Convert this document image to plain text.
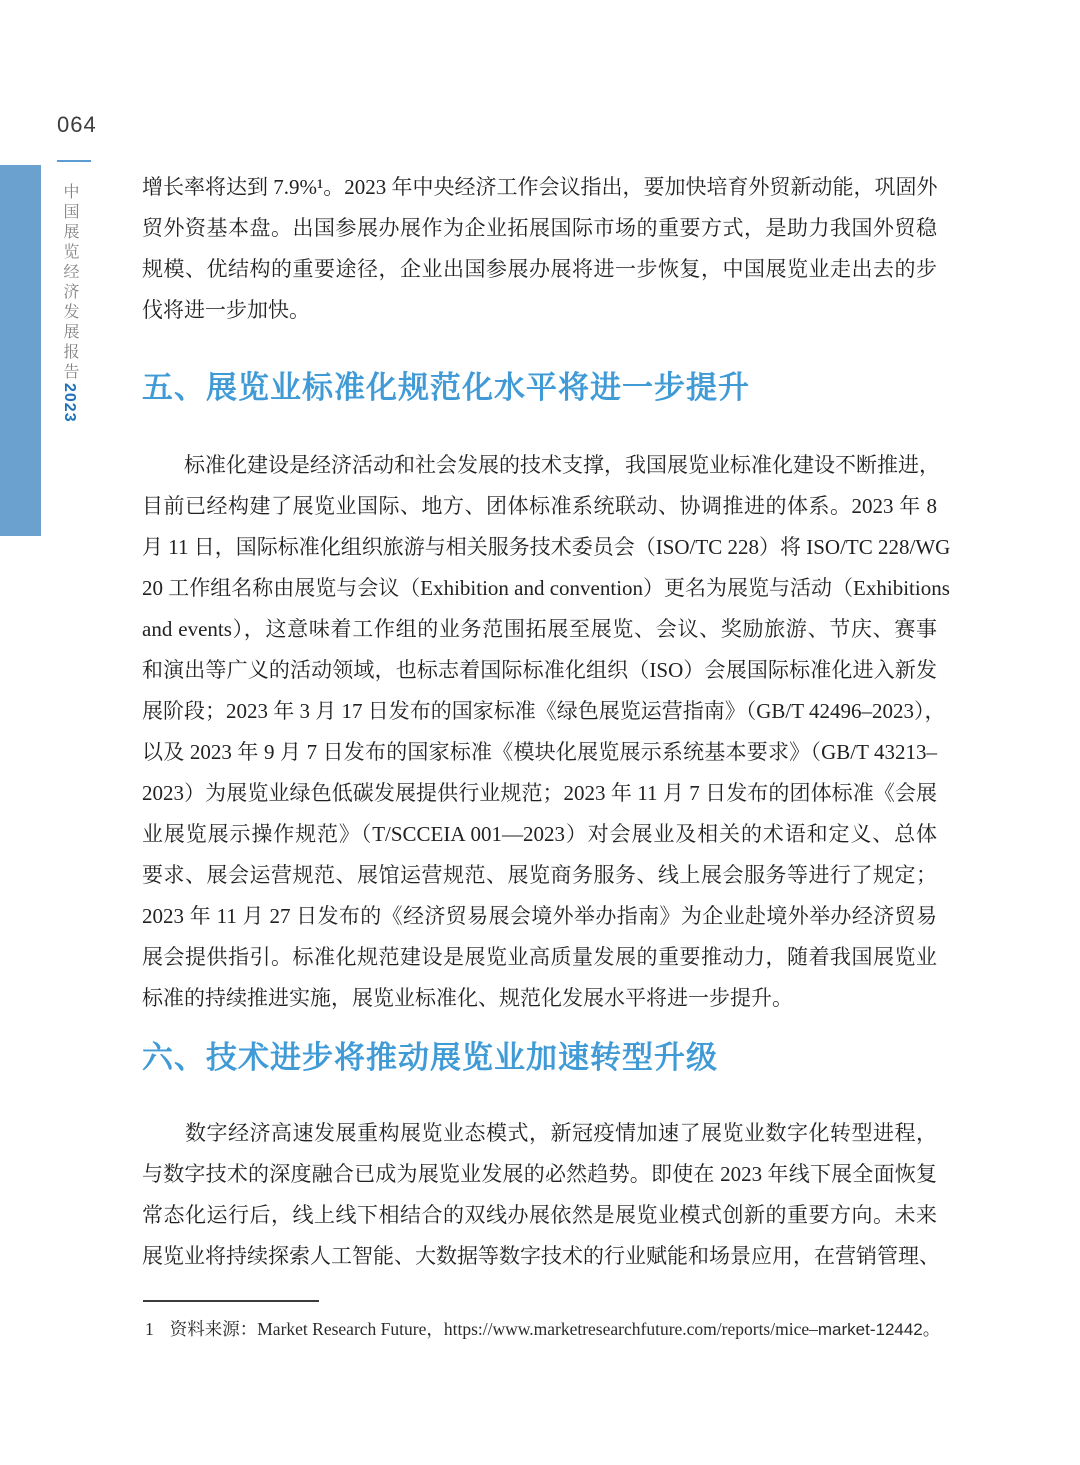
064
中国展览经济发展报告2023
增长率将达到 7.9%¹。2023 年中央经济工作会议指出，要加快培育外贸新动能，巩固外
贸外资基本盘。出国参展办展作为企业拓展国际市场的重要方式，是助力我国外贸稳
规模、优结构的重要途径，企业出国参展办展将进一步恢复，中国展览业走出去的步
伐将进一步加快。
五、展览业标准化规范化水平将进一步提升
　　标准化建设是经济活动和社会发展的技术支撑，我国展览业标准化建设不断推进，
目前已经构建了展览业国际、地方、团体标准系统联动、协调推进的体系。2023 年 8
月 11 日，国际标准化组织旅游与相关服务技术委员会（ISO/TC 228）将 ISO/TC 228/WG
20 工作组名称由展览与会议（Exhibition and convention）更名为展览与活动（Exhibitions
and events），这意味着工作组的业务范围拓展至展览、会议、奖励旅游、节庆、赛事
和演出等广义的活动领域，也标志着国际标准化组织（ISO）会展国际标准化进入新发
展阶段；2023 年 3 月 17 日发布的国家标准《绿色展览运营指南》（GB/T 42496–2023），
以及 2023 年 9 月 7 日发布的国家标准《模块化展览展示系统基本要求》（GB/T 43213–
2023）为展览业绿色低碳发展提供行业规范；2023 年 11 月 7 日发布的团体标准《会展
业展览展示操作规范》（T/SCCEIA 001—2023）对会展业及相关的术语和定义、总体
要求、展会运营规范、展馆运营规范、展览商务服务、线上展会服务等进行了规定；
2023 年 11 月 27 日发布的《经济贸易展会境外举办指南》为企业赴境外举办经济贸易
展会提供指引。标准化规范建设是展览业高质量发展的重要推动力，随着我国展览业
标准的持续推进实施，展览业标准化、规范化发展水平将进一步提升。
六、技术进步将推动展览业加速转型升级
　　数字经济高速发展重构展览业态模式，新冠疫情加速了展览业数字化转型进程，
与数字技术的深度融合已成为展览业发展的必然趋势。即使在 2023 年线下展全面恢复
常态化运行后，线上线下相结合的双线办展依然是展览业模式创新的重要方向。未来
展览业将持续探索人工智能、大数据等数字技术的行业赋能和场景应用，在营销管理、
1 资料来源：Market Research Future，https://www.marketresearchfuture.com/reports/mice–market-12442。
